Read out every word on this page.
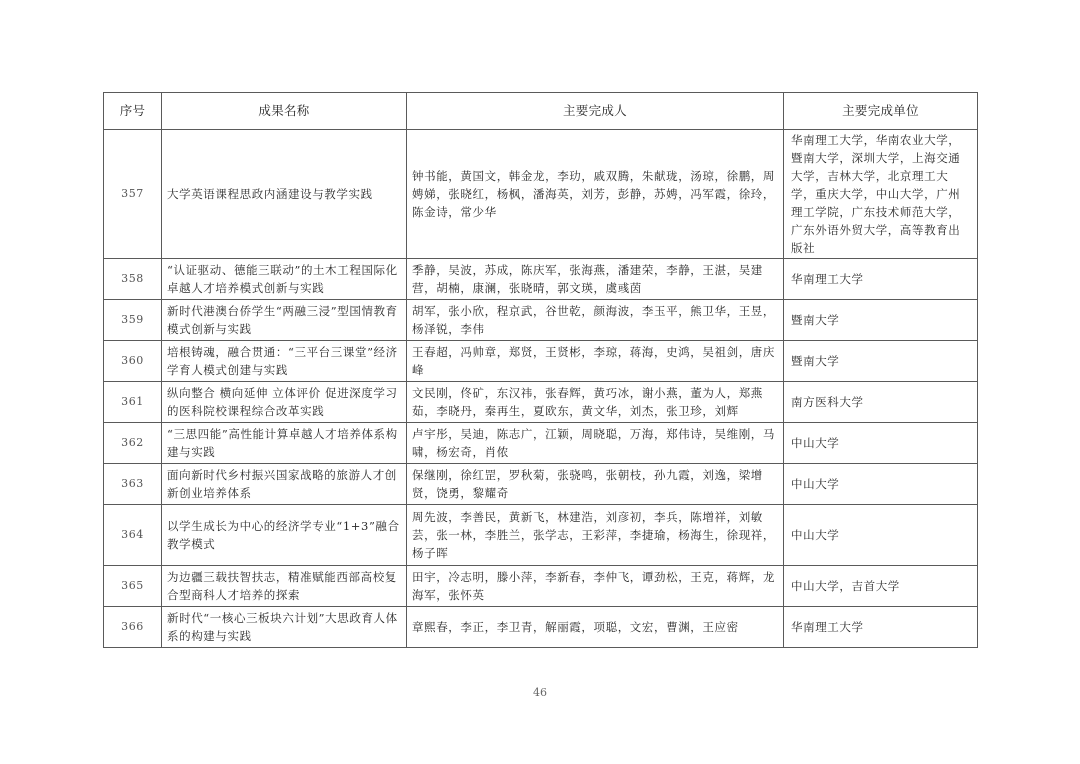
序号	成果名称	主要完成人	主要完成单位
357	大学英语课程思政内涵建设与教学实践	钟书能，黄国文，韩金龙，李玏，戚双腾，朱献珑，汤琼，徐鹏，周娉娣，张晓红，杨枫，潘海英，刘芳，彭静，苏娉，冯军霞，徐玲，陈金诗，常少华	华南理工大学，华南农业大学，暨南大学，深圳大学，上海交通大学，吉林大学，北京理工大学，重庆大学，中山大学，广州理工学院，广东技术师范大学，广东外语外贸大学，高等教育出版社
358	“认证驱动、德能三联动”的土木工程国际化卓越人才培养模式创新与实践	季静，吴波，苏成，陈庆军，张海燕，潘建荣，李静，王湛，吴建营，胡楠，康澜，张晓晴，郭文瑛，虞彧茵	华南理工大学
359	新时代港澳台侨学生“两融三浸”型国情教育模式创新与实践	胡军，张小欣，程京武，谷世乾，颜海波，李玉平，熊卫华，王昱，杨泽锐，李伟	暨南大学
360	培根铸魂，融合贯通：“三平台三课堂”经济学育人模式创建与实践	王春超，冯帅章，郑贤，王贤彬，李琼，蒋海，史鸿，吴祖剑，唐庆峰	暨南大学
361	纵向整合 横向延伸 立体评价 促进深度学习的医科院校课程综合改革实践	文民刚，佟矿，东汉祎，张春辉，黄巧冰，谢小燕，董为人，郑燕茹，李晓丹，秦再生，夏欧东，黄文华，刘杰，张卫珍，刘辉	南方医科大学
362	“三思四能”高性能计算卓越人才培养体系构建与实践	卢宇彤，吴迪，陈志广，江颖，周晓聪，万海，郑伟诗，吴维刚，马啸，杨宏奇，肖侬	中山大学
363	面向新时代乡村振兴国家战略的旅游人才创新创业培养体系	保继刚，徐红罡，罗秋菊，张骁鸣，张朝枝，孙九霞，刘逸，梁增贤，饶勇，黎耀奇	中山大学
364	以学生成长为中心的经济学专业“1+3”融合教学模式	周先波，李善民，黄新飞，林建浩，刘彦初，李兵，陈増祥，刘敏芸，张一林，李胜兰，张学志，王彩萍，李捷瑜，杨海生，徐现祥，杨子晖	中山大学
365	为边疆三载扶智扶志，精准赋能西部高校复合型商科人才培养的探索	田宇，冷志明，滕小萍，李新春，李仲飞，谭劲松，王克，蒋辉，龙海军，张怀英	中山大学，吉首大学
366	新时代“一核心三板块六计划”大思政育人体系的构建与实践	章熙春，李正，李卫青，解丽霞，项聪，文宏，曹渊，王应密	华南理工大学
46
